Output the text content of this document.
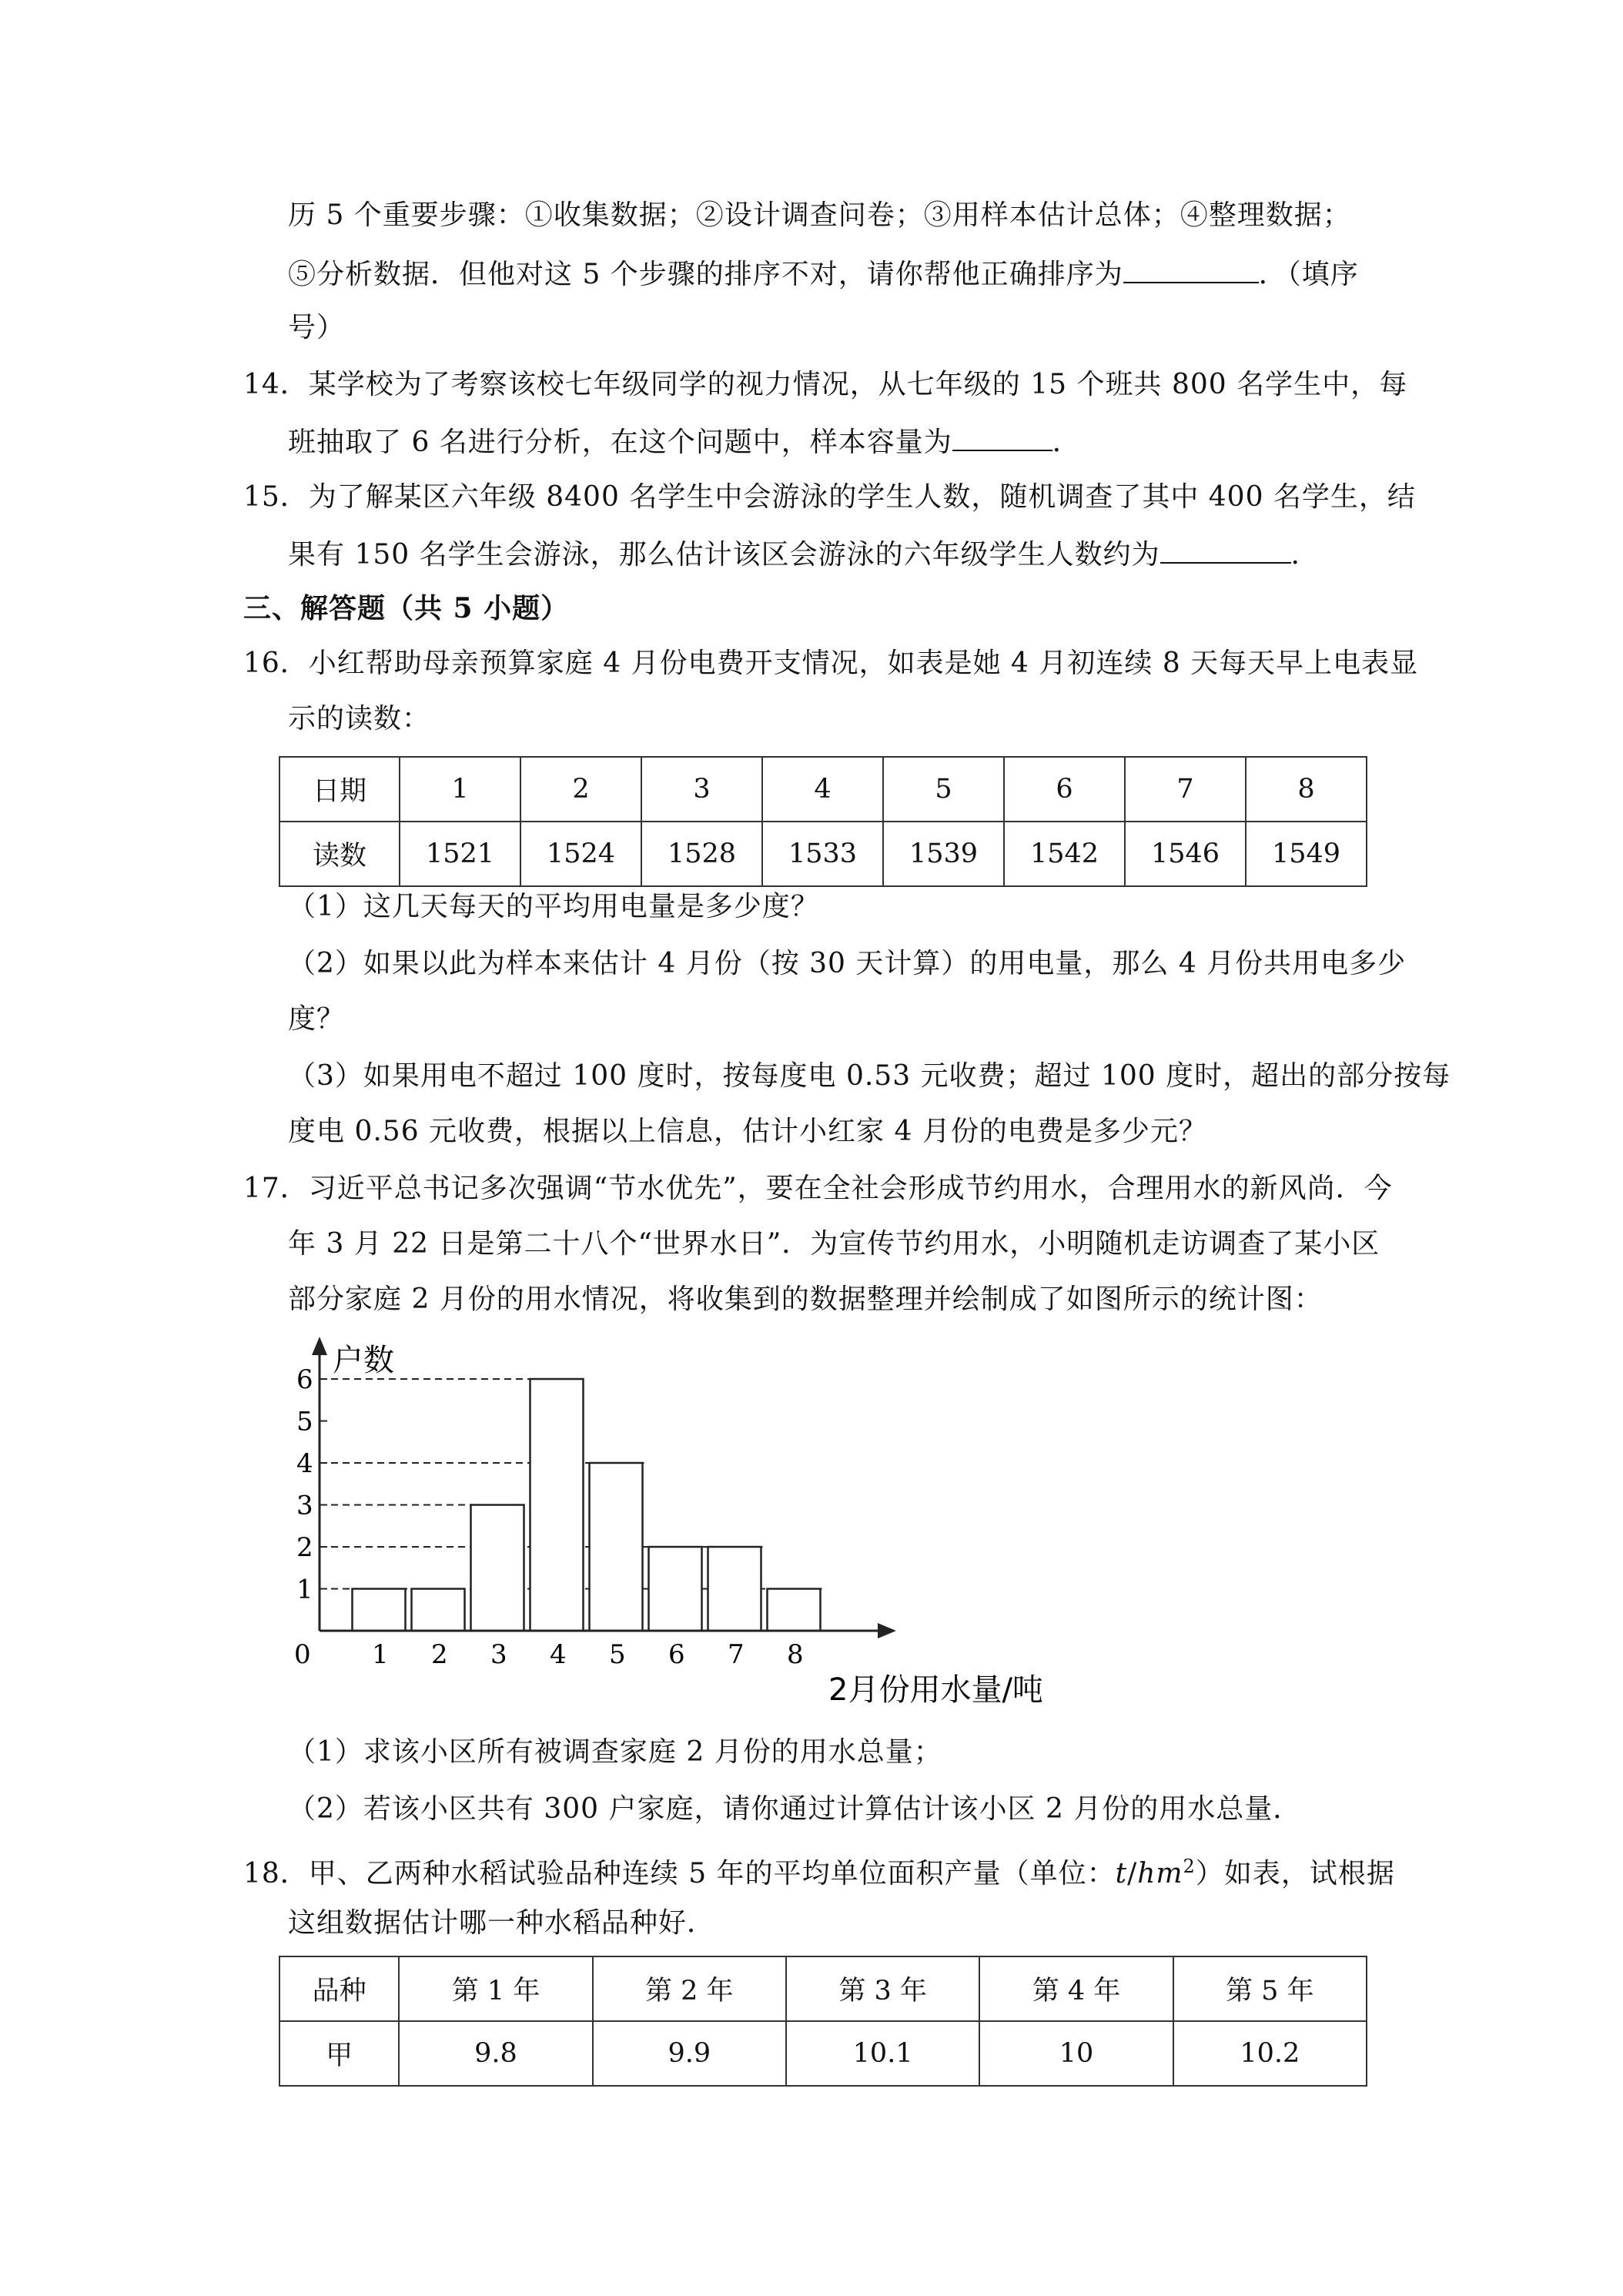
历 5 个重要步骤：①收集数据；②设计调查问卷；③用样本估计总体；④整理数据；
⑤分析数据．但他对这 5 个步骤的排序不对，请你帮他正确排序为	．（填序
号）
14．某学校为了考察该校七年级同学的视力情况，从七年级的 15 个班共 800 名学生中，每
班抽取了 6 名进行分析，在这个问题中，样本容量为	．
15．为了解某区六年级 8400 名学生中会游泳的学生人数，随机调查了其中 400 名学生，结
果有 150 名学生会游泳，那么估计该区会游泳的六年级学生人数约为	．
三、解答题（共 5 小题）
16．小红帮助母亲预算家庭 4 月份电费开支情况，如表是她 4 月初连续 8 天每天早上电表显
示的读数：
日期	1	2	3	4	5	6	7	8
读数	1521	1524	1528	1533	1539	1542	1546	1549
（1）这几天每天的平均用电量是多少度？
（2）如果以此为样本来估计 4 月份（按 30 天计算）的用电量，那么 4 月份共用电多少
度？
（3）如果用电不超过 100 度时，按每度电 0.53 元收费；超过 100 度时，超出的部分按每
度电 0.56 元收费，根据以上信息，估计小红家 4 月份的电费是多少元？
17．习近平总书记多次强调“节水优先”，要在全社会形成节约用水，合理用水的新风尚．今
年 3 月 22 日是第二十八个“世界水日”．为宣传节约用水，小明随机走访调查了某小区
部分家庭 2 月份的用水情况，将收集到的数据整理并绘制成了如图所示的统计图：
1
2
3
4
5
6
0 1 2 3 4 5 6 7 8
户数
2月份用水量/吨
（1）求该小区所有被调查家庭 2 月份的用水总量；
（2）若该小区共有 300 户家庭，请你通过计算估计该小区 2 月份的用水总量．
18．甲、乙两种水稻试验品种连续 5 年的平均单位面积产量（单位：$t/hm^2$）如表，试根据
这组数据估计哪一种水稻品种好．
品种	第 1 年	第 2 年	第 3 年	第 4 年	第 5 年
甲	9.8	9.9	10.1	10	10.2
